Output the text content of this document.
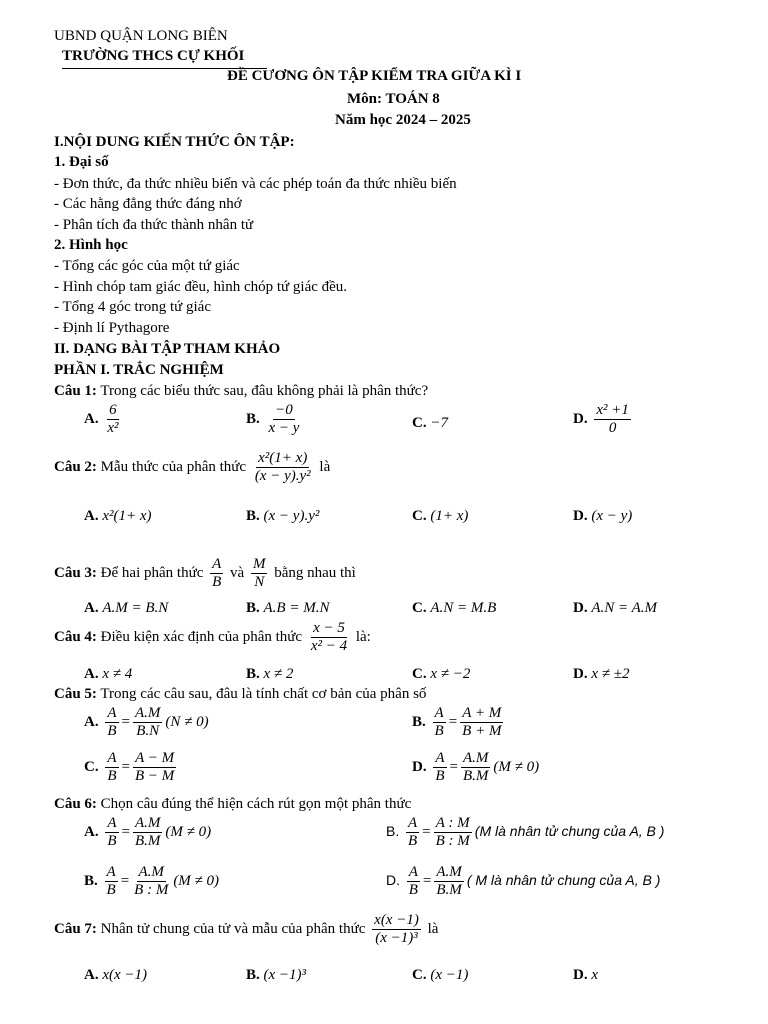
UBND QUẬN LONG BIÊN
TRƯỜNG THCS CỰ KHỐI
ĐỀ CƯƠNG ÔN TẬP KIỂM TRA GIỮA KÌ I
Môn: TOÁN 8
Năm học 2024 – 2025
I.NỘI DUNG KIẾN THỨC ÔN TẬP:
1. Đại số
- Đơn thức, đa thức nhiều biến và các phép toán đa thức nhiều biến
- Các hằng đẳng thức đáng nhớ
- Phân tích đa thức thành nhân tử
2. Hình học
- Tổng các góc của một tứ giác
- Hình chóp tam giác đều, hình chóp tứ giác đều.
- Tổng 4 góc trong tứ giác
- Định lí Pythagore
II. DẠNG BÀI TẬP THAM KHẢO
PHẦN I. TRẮC NGHIỆM
Câu 1: Trong các biểu thức sau, đâu không phải là phân thức?
A. $\frac{6}{\text{x²}}$	B. $\frac{-0}{x - y}$	C. −7	D. $\frac{\text{x² +1}}{0}$
Câu 2: Mẫu thức của phân thức $\frac{\text{x²(1+ x)}}{\text{(x − y).y²}}$ là
A. x²(1+ x)	B. (x − y).y²	C. (1+ x)	D. (x − y)
Câu 3: Để hai phân thức $\frac{A}{B}$ và $\frac{M}{N}$ bằng nhau thì
A. A.M = B.N	B. A.B = M.N	C. A.N = M.B	D. A.N = A.M
Câu 4: Điều kiện xác định của phân thức $\frac{x - 5}{\text{x² − 4}}$ là:
A. x ≠ 4	B. x ≠ 2	C. x ≠ −2	D. x ≠ ±2
Câu 5: Trong các câu sau, đâu là tính chất cơ bản của phân số
A. $\frac{A}{B} = \frac{A.M}{B.N} (N \ne 0)$	B. $\frac{A}{B} = \frac{A + M}{B + M}$
C. $\frac{A}{B} = \frac{A - M}{B - M}$	D. $\frac{A}{B} = \frac{A.M}{B.M} (M \ne 0)$
Câu 6: Chọn câu đúng thể hiện cách rút gọn một phân thức
A. $\frac{A}{B} = \frac{A.M}{B.M} (M \ne 0)$	B. $\frac{A}{B} = \frac{A : M}{B : M} (M$ là nhân tử chung của A, B )
B. $\frac{A}{B} = \frac{A.M}{B : M} (M \ne 0)$	D. $\frac{A}{B} = \frac{A.M}{B.M}$ ( M là nhân tử chung của A, B )
Câu 7: Nhân tử chung của tử và mẫu của phân thức $\frac{x(x -1)}{\text{(x −1)³}}$ là
A. x(x −1)	B. (x −1)³	C. (x −1)	D. x
